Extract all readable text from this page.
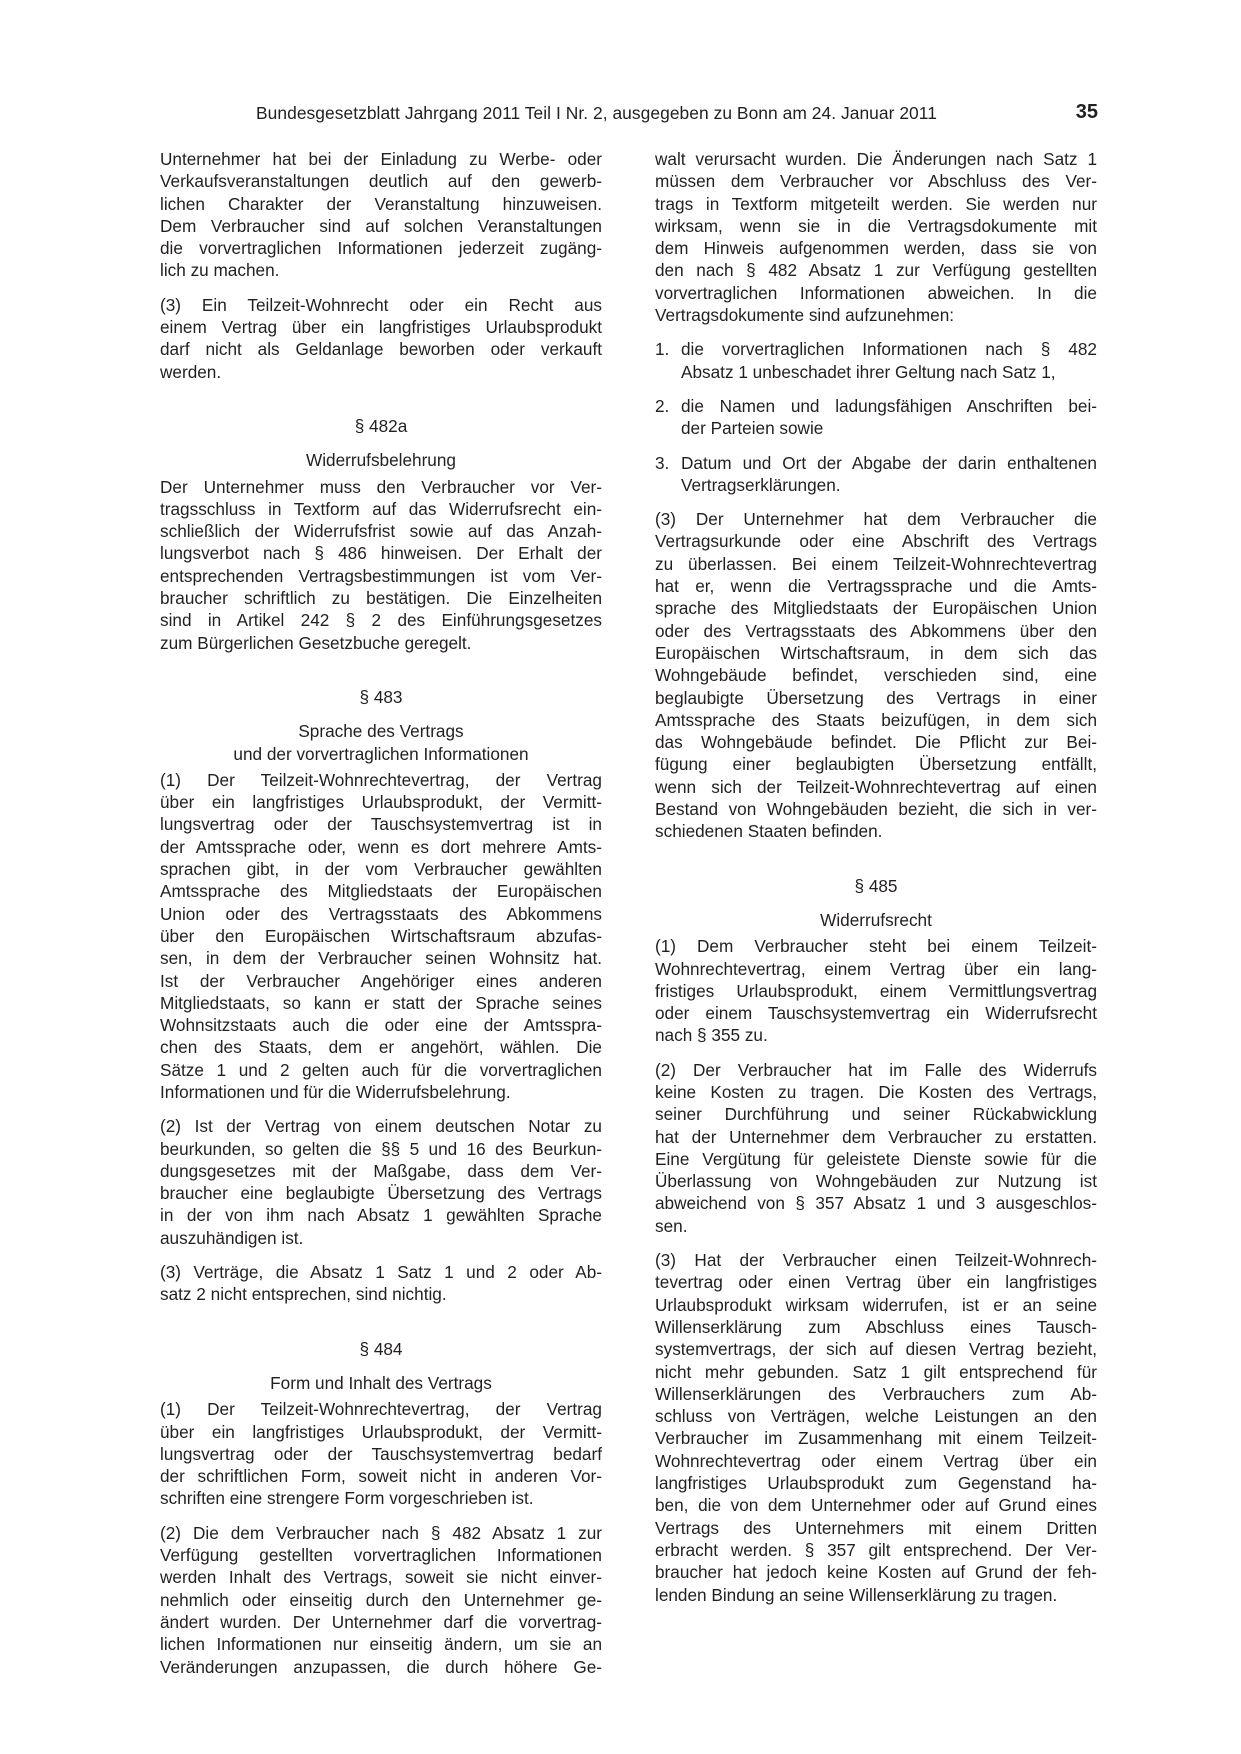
Bundesgesetzblatt Jahrgang 2011 Teil I Nr. 2, ausgegeben zu Bonn am 24. Januar 2011	35

Unternehmer hat bei der Einladung zu Werbe- oder
Verkaufsveranstaltungen deutlich auf den gewerb-
lichen Charakter der Veranstaltung hinzuweisen.
Dem Verbraucher sind auf solchen Veranstaltungen
die vorvertraglichen Informationen jederzeit zugäng-
lich zu machen.

(3) Ein Teilzeit-Wohnrecht oder ein Recht aus
einem Vertrag über ein langfristiges Urlaubsprodukt
darf nicht als Geldanlage beworben oder verkauft
werden.

§ 482a

Widerrufsbelehrung

Der Unternehmer muss den Verbraucher vor Ver-
tragsschluss in Textform auf das Widerrufsrecht ein-
schließlich der Widerrufsfrist sowie auf das Anzah-
lungsverbot nach § 486 hinweisen. Der Erhalt der
entsprechenden Vertragsbestimmungen ist vom Ver-
braucher schriftlich zu bestätigen. Die Einzelheiten
sind in Artikel 242 § 2 des Einführungsgesetzes
zum Bürgerlichen Gesetzbuche geregelt.

§ 483

Sprache des Vertrags
und der vorvertraglichen Informationen

(1) Der Teilzeit-Wohnrechtevertrag, der Vertrag
über ein langfristiges Urlaubsprodukt, der Vermitt-
lungsvertrag oder der Tauschsystemvertrag ist in
der Amtssprache oder, wenn es dort mehrere Amts-
sprachen gibt, in der vom Verbraucher gewählten
Amtssprache des Mitgliedstaats der Europäischen
Union oder des Vertragsstaats des Abkommens
über den Europäischen Wirtschaftsraum abzufas-
sen, in dem der Verbraucher seinen Wohnsitz hat.
Ist der Verbraucher Angehöriger eines anderen
Mitgliedstaats, so kann er statt der Sprache seines
Wohnsitzstaats auch die oder eine der Amtsspra-
chen des Staats, dem er angehört, wählen. Die
Sätze 1 und 2 gelten auch für die vorvertraglichen
Informationen und für die Widerrufsbelehrung.

(2) Ist der Vertrag von einem deutschen Notar zu
beurkunden, so gelten die §§ 5 und 16 des Beurkun-
dungsgesetzes mit der Maßgabe, dass dem Ver-
braucher eine beglaubigte Übersetzung des Vertrags
in der von ihm nach Absatz 1 gewählten Sprache
auszuhändigen ist.

(3) Verträge, die Absatz 1 Satz 1 und 2 oder Ab-
satz 2 nicht entsprechen, sind nichtig.

§ 484

Form und Inhalt des Vertrags

(1) Der Teilzeit-Wohnrechtevertrag, der Vertrag
über ein langfristiges Urlaubsprodukt, der Vermitt-
lungsvertrag oder der Tauschsystemvertrag bedarf
der schriftlichen Form, soweit nicht in anderen Vor-
schriften eine strengere Form vorgeschrieben ist.

(2) Die dem Verbraucher nach § 482 Absatz 1 zur
Verfügung gestellten vorvertraglichen Informationen
werden Inhalt des Vertrags, soweit sie nicht einver-
nehmlich oder einseitig durch den Unternehmer ge-
ändert wurden. Der Unternehmer darf die vorvertrag-
lichen Informationen nur einseitig ändern, um sie an
Veränderungen anzupassen, die durch höhere Ge-

walt verursacht wurden. Die Änderungen nach Satz 1
müssen dem Verbraucher vor Abschluss des Ver-
trags in Textform mitgeteilt werden. Sie werden nur
wirksam, wenn sie in die Vertragsdokumente mit
dem Hinweis aufgenommen werden, dass sie von
den nach § 482 Absatz 1 zur Verfügung gestellten
vorvertraglichen Informationen abweichen. In die
Vertragsdokumente sind aufzunehmen:

1. die vorvertraglichen Informationen nach § 482
Absatz 1 unbeschadet ihrer Geltung nach Satz 1,
2. die Namen und ladungsfähigen Anschriften bei-
der Parteien sowie
3. Datum und Ort der Abgabe der darin enthaltenen
Vertragserklärungen.

(3) Der Unternehmer hat dem Verbraucher die
Vertragsurkunde oder eine Abschrift des Vertrags
zu überlassen. Bei einem Teilzeit-Wohnrechtevertrag
hat er, wenn die Vertragssprache und die Amts-
sprache des Mitgliedstaats der Europäischen Union
oder des Vertragsstaats des Abkommens über den
Europäischen Wirtschaftsraum, in dem sich das
Wohngebäude befindet, verschieden sind, eine
beglaubigte Übersetzung des Vertrags in einer
Amtssprache des Staats beizufügen, in dem sich
das Wohngebäude befindet. Die Pflicht zur Bei-
fügung einer beglaubigten Übersetzung entfällt,
wenn sich der Teilzeit-Wohnrechtevertrag auf einen
Bestand von Wohngebäuden bezieht, die sich in ver-
schiedenen Staaten befinden.

§ 485

Widerrufsrecht

(1) Dem Verbraucher steht bei einem Teilzeit-
Wohnrechtevertrag, einem Vertrag über ein lang-
fristiges Urlaubsprodukt, einem Vermittlungsvertrag
oder einem Tauschsystemvertrag ein Widerrufsrecht
nach § 355 zu.

(2) Der Verbraucher hat im Falle des Widerrufs
keine Kosten zu tragen. Die Kosten des Vertrags,
seiner Durchführung und seiner Rückabwicklung
hat der Unternehmer dem Verbraucher zu erstatten.
Eine Vergütung für geleistete Dienste sowie für die
Überlassung von Wohngebäuden zur Nutzung ist
abweichend von § 357 Absatz 1 und 3 ausgeschlos-
sen.

(3) Hat der Verbraucher einen Teilzeit-Wohnrech-
tevertrag oder einen Vertrag über ein langfristiges
Urlaubsprodukt wirksam widerrufen, ist er an seine
Willenserklärung zum Abschluss eines Tausch-
systemvertrags, der sich auf diesen Vertrag bezieht,
nicht mehr gebunden. Satz 1 gilt entsprechend für
Willenserklärungen des Verbrauchers zum Ab-
schluss von Verträgen, welche Leistungen an den
Verbraucher im Zusammenhang mit einem Teilzeit-
Wohnrechtevertrag oder einem Vertrag über ein
langfristiges Urlaubsprodukt zum Gegenstand ha-
ben, die von dem Unternehmer oder auf Grund eines
Vertrags des Unternehmers mit einem Dritten
erbracht werden. § 357 gilt entsprechend. Der Ver-
braucher hat jedoch keine Kosten auf Grund der feh-
lenden Bindung an seine Willenserklärung zu tragen.
